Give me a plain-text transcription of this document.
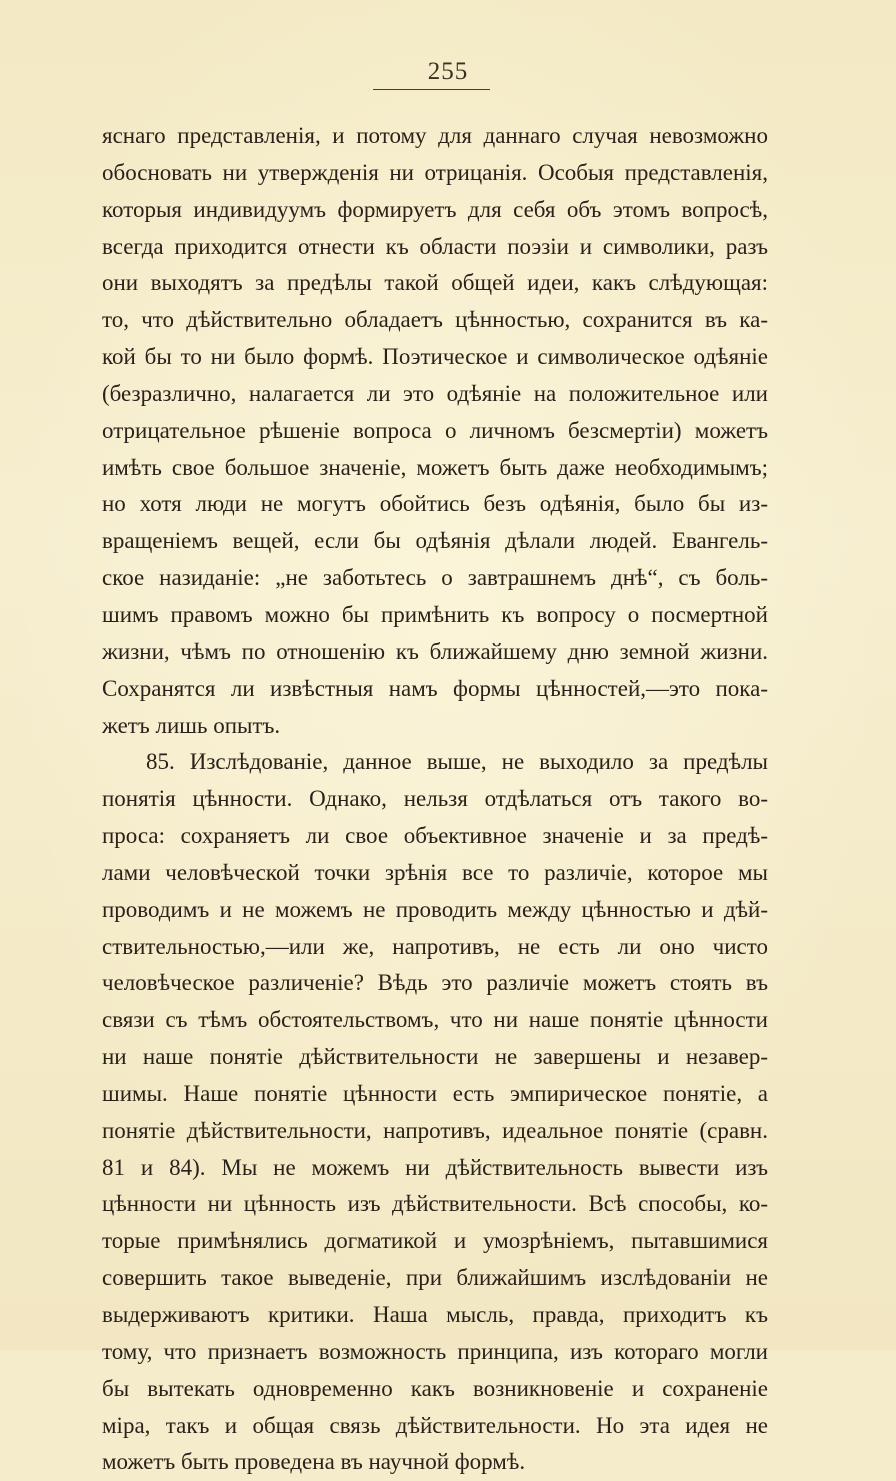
255
яснаго представленія, и потому для даннаго случая невозможно
обосновать ни утвержденія ни отрицанія. Особыя представленія,
которыя индивидуумъ формируетъ для себя объ этомъ вопросѣ,
всегда приходится отнести къ области поэзіи и символики, разъ
они выходятъ за предѣлы такой общей идеи, какъ слѣдующая:
то, что дѣйствительно обладаетъ цѣнностью, сохранится въ ка-
кой бы то ни было формѣ. Поэтическое и символическое одѣяніе
(безразлично, налагается ли это одѣяніе на положительное или
отрицательное рѣшеніе вопроса о личномъ безсмертіи) можетъ
имѣть свое большое значеніе, можетъ быть даже необходимымъ;
но хотя люди не могутъ обойтись безъ одѣянія, было бы из-
вращеніемъ вещей, если бы одѣянія дѣлали людей. Евангель-
ское назиданіе: „не заботьтесь о завтрашнемъ днѣ“, съ боль-
шимъ правомъ можно бы примѣнить къ вопросу о посмертной
жизни, чѣмъ по отношенію къ ближайшему дню земной жизни.
Сохранятся ли извѣстныя намъ формы цѣнностей,—это пока-
жетъ лишь опытъ.
85. Изслѣдованіе, данное выше, не выходило за предѣлы
понятія цѣнности. Однако, нельзя отдѣлаться отъ такого во-
проса: сохраняетъ ли свое объективное значеніе и за предѣ-
лами человѣческой точки зрѣнія все то различіе, которое мы
проводимъ и не можемъ не проводить между цѣнностью и дѣй-
ствительностью,—или же, напротивъ, не есть ли оно чисто
человѣческое различеніе? Вѣдь это различіе можетъ стоять въ
связи съ тѣмъ обстоятельствомъ, что ни наше понятіе цѣнности
ни наше понятіе дѣйствительности не завершены и незавер-
шимы. Наше понятіе цѣнности есть эмпирическое понятіе, а
понятіе дѣйствительности, напротивъ, идеальное понятіе (сравн.
81 и 84). Мы не можемъ ни дѣйствительность вывести изъ
цѣнности ни цѣнность изъ дѣйствительности. Всѣ способы, ко-
торые примѣнялись догматикой и умозрѣніемъ, пытавшимися
совершить такое выведеніе, при ближайшимъ изслѣдованіи не
выдерживаютъ критики. Наша мысль, правда, приходитъ къ
тому, что признаетъ возможность принципа, изъ котораго могли
бы вытекать одновременно какъ возникновеніе и сохраненіе
міра, такъ и общая связь дѣйствительности. Но эта идея не
можетъ быть проведена въ научной формѣ.
